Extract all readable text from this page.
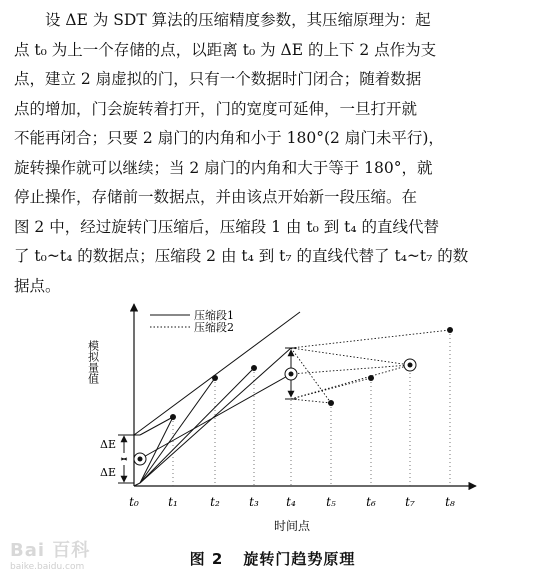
设 ΔE 为 SDT 算法的压缩精度参数，其压缩原理为：起
点 t₀ 为上一个存储的点，以距离 t₀ 为 ΔE 的上下 2 点作为支
点，建立 2 扇虚拟的门，只有一个数据时门闭合；随着数据
点的增加，门会旋转着打开，门的宽度可延伸，一旦打开就
不能再闭合；只要 2 扇门的内角和小于 180°(2 扇门未平行)，
旋转操作就可以继续；当 2 扇门的内角和大于等于 180°，就
停止操作，存储前一数据点，并由该点开始新一段压缩。在
图 2 中，经过旋转门压缩后，压缩段 1 由 t₀ 到 t₄ 的直线代替
了 t₀~t₄ 的数据点；压缩段 2 由 t₄ 到 t₇ 的直线代替了 t₄~t₇ 的数
据点。
压缩段1
压缩段2
模拟量值
ΔE
ΔE
t₀ t₁	t₂ t₃ t₄	t₅	t₆ t₇	t₈
时间点
图 2 旋转门趋势原理
Bai 百科
baike.baidu.com
